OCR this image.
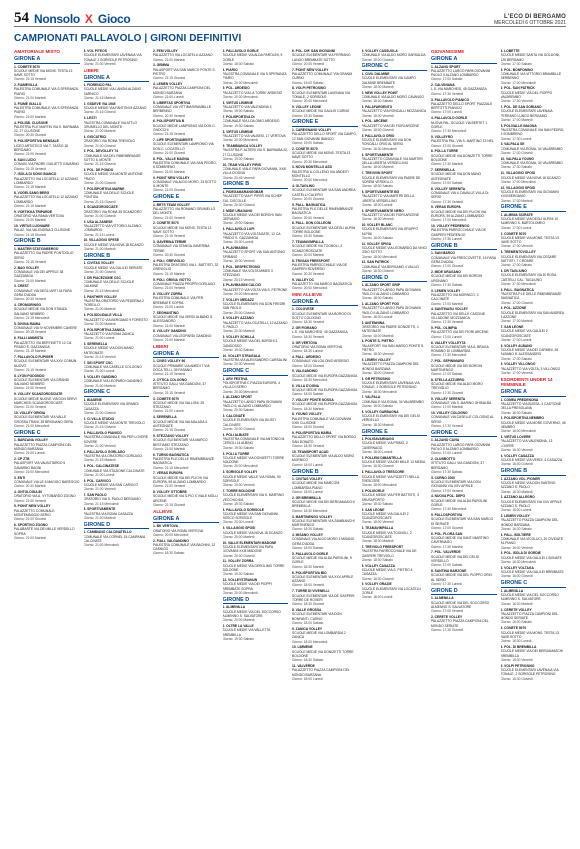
54 Nonsolo X Gioco	L'ECO DI BERGAMO
MERCOLEDÌ 6 OTTOBRE 2021
CAMPIONATI PALLAVOLO | GIRONI DEFINITIVI
AMATORIALE MISTO
GIRONE A
1. COMETE 5070
SCUOLE MEDIE VIA MONS. TESTA 13 NAVE SOTTO
Giorno: 21:15 Venerdì
2. FIAMEVILLA
PALESTRA COMUNALE VIA S.SPERANZA PIARIO
Giorno: 21:00 Martedì
3. FIUME GIALLO
PALESTRA COMUNALE VIA S.SPERANZA PIARIO
Giorno: 21:00 Martedì
4. POLISB. CLUSONE
PALESTRA P.LE MARTIN VIA S. BARNABA 22, 27 CLUSONE
Giorno: 20:30 Giovedì
5. POLISPORTIVA MENSALE
LICEO ARTISTICO VIA T. TASSO 18 BERGAMO
Giorno: 21:00 Venerdì
6. SAN LUCIO
COMUN. VIA PADRE GIULIETTI GAVARNO
Giorno: 21:15 Venerdì
7. ISOLA DI SONO BIANCO
PALAZZETTO VIA LOCATELLI 12 AZZANO LOMBARDO
Giorno: 21:15 Martedì
8. VOGELSANG BERG
PALAZZETTO VIA LOCATELLI 12 AZZANO LOMBARDO
Giorno: 21:15 Martedì
9. VOETIKKA TRIPARDE
ORATORIO VIA RAMA VERTOVA
Giorno: 21:00 Martedì
10. VIRTUS LUONIARE
PALAZ. VIA VALENDINA 3 CLUSONE
Giorno: 21:15 Giovedì
GIRONE B
1. MASTER STATIONEERGO
PALAZZETTO VIA PADRE PONTOGLIO SERIO
Giorno: 21:15 Venerdì
2. BAG VOLLEY
COMUNALE VIA DEI APPELE 38 GAZZANIGA
Giorno: 21:00 Martedì
3. CREST
COMUNALE VIA DEGLI ARTI 18 FARA GERA D'ADDA
Giorno: 20:30 Venerdì
4. CROMORINGO
SCUOLE MEDIE VIA DON STANZA SALVANO NEMBRO
Giorno: 21:15 Mercoledì
5. DIVINA RAMIA
COMUNALE VIA IV NOVEMBRE CAVERE
Giorno: 20:15 Venerdì
6. FALLI ANIMISTA
PALAZZETTO VIA BERTINETTI 12 CA PRADO S. GAZZANIGA
Giorno: 21:15 Martedì
7. PALLAVOLO FUPIGER
SCUOLE ELEMENTARI VIA XXV COMUN NUOVO
Giorno: 21:15 Venerdì
8. LYON PODONDO
SCUOLE ELEMENTARI VIA GRANDI SALVANO NEMBRO
Giorno: 21:00 Venerdì
9. VOLLEY SCANZOROSCIATE
SCUOLE MEDIE NUOVE VIA DON SERVI MARCHESI SCANZOROSCIATE
Giorno: 21:00 Venerdì
10. VOLLEY GRIGIA
SCUOLE ELEMENTARI VIA VALLE GROSSA TRANI, 35 BRIGNANO GERA
Giorno: 21:00 Mercoledì
GIRONE C
1. BARZANA VOLLEY
PALAZZETTO PIAZZA CAMPIONI DEL MONDO BARZANA
Giorno: 21:00 Lunedì
2. CP ZTB
PALASPORT VIA VALBOTARDO 6 GAVARNO BAGNI
Giorno: 21:00 Mercoledì
3. ENTI
COMUNALE VIA LE 6 MAGGIO BAREGGIO
Giorno: 20:30 Martedì
4. ONTOLOGIA 80
ORATORIO VIA A. VYTOBARDO ZOGNO
Giorno: 21:00 Venerdì
5. POINT NEW VOLLEY
PALAZZETTO COMUNALE MONTEMAGGIO SERIO
Giorno: 21:00 Giovedì
6. SPORTIVO ZOGNO
PALABARTE VIA DEI MILLE VERDELLO SOPRA
Giorno: 21:00 Martedì
8. VOL PITEOS
SCUOLE ELEMENTARI LAVENAIA VIA TONALE 2 SORISOLE PETROSINO
Giorno: 21:00 Venerdì
LIBERI
GIRONE A
1. FIORENCO PAL
SCUOLE MEDIE VIA LANGIA ALZANO SARNICO
Giorno: 21:15 Martedì
2. GSDEVE VIA 1945
SCUOLE MEDIE VIA FANTONI 8 AZZANO
Giorno: 21:15 Giovedì
3. LESTI
PALESTRA COMUNALE VIA ATTLO GRUMELLO DEL MONTE
Giorno: 21:00 Martedì
4. GIOCATRICI
ORATORIO VIA ROMA TREVIOLO
Giorno: 21:00 Giovedì
5. POL. DEVOLLEY 74
COMUNALE VIA DEL RIMEMBRANZE SOTTO IL MONTE
Giorno: 21:15 Giovedì
6. POL. DE PONDO
SCUOLE MEDIE VIA MONTE ANTIONE PRATO
Giorno: 21:00 Giovedì
7. POLISPORTIVA MARNE
COMUNALE VIA DELLE SCUOLE PONTIDA
Giorno: 21:15 Giovedì
8. SCANZOROSCIATE
ORATORIO VIA ROMA 35 SCANZORO
Giorno: 21:00 Giovedì
9. USA ALZANESE
PALAZZETTO VIA VITTORIO ALZANO LOMBARDO
Giorno: 21:15 Lunedì
10. VILLAGGIO SPESE
SCUOLE MEDIE VIA NOVA 18 SCANZO
Giorno: 21:00 Martedì
GIRONE B
1. CIVITAS VOLLEY
SCUOLE MEDIE VIA GALILEI SERIATE
Giorno: 21:00 Giovedì
2. DR PIACEZIONE CSC
COMUNALE VIA DELLE SCUOLE DALMINE
Giorno: 21:15 Mercoledì
3. PANTHER VOLLEY
PALESTRA ORATORIO VIA PEDERNA 2 FIORELLO
Giorno: 21:00 Martedì
4. POLISOLIDALE VILLA
PALAZZETTO VIA BERGAMO 9 FORESTO
Giorno: 21:00 Martedì
5. POLISPORTIVA ZANICA
PALAZZETTO VIA ROMA ZANICA
Giorno: 21:00 Lunedì
6. SERENELLA
SCUOLE MEDIE VIA DON MANO ANTEGNATE
Giorno: 21:15 Venerdì
7. SEI SPORT CSC
COMUNALE VIA CASELLE COLOGNO
Giorno: 21:00 Lunedì
8. VOLLEY GANDINO
COMUNALE VIA LEOPARDI GANDINO
Giorno: 21:00 Martedì
GIRONE C
1. BIASENE
SCUOLE ELEMENTARI VIA GRANDI CASAZZA
Giorno: 21:00 Giovedì
2. CI VILLA STUDIO
SCUOLE MEDIE VIA MONTE TREVIOLO
Giorno: 21:15 Giovedì
3. PALLAVOLO PIANICO
PALESTRA COMUNALE VIA PER LOVERE SOVERE
Giorno: 21:00 Venerdì
4. PALLAVOLO GORLAGO
PALESTRA VIA ORATORIO GORLAGO
Giorno: 21:15 Martedì
5. POL. CALCINATESE
COMUNALE VIA STAZIONE CALCINATE
Giorno: 21:00 Lunedì
6. POL. CARVICO
SCUOLE MEDIE VIA SAN CARVICO
Giorno: 21:00 Venerdì
7. SAN PAOLO
ORATORIO VIA S. PAOLO BERGAMO
Giorno: 21:15 Mercoledì
8. SPORTIVAMENTE
PALESTRA VIA ROMA CASAZZA
Giorno: 21:00 Martedì
GIRONE D
1. CAMBIANO CALCINATELLO
COMUNALE VIA CORNEL 15 CAMPANIA CALCINATE
Giorno: 21:00 Mercoledì
2. FEM VOLLEY
PALAZZETTO VIA LOCATELLI AZZANO
Giorno: 21:00 Martedì
3. GEMMA
PALASPORT VIA SAN MARCO PONTE S. PIETRO
Giorno: 21:15 Giovedì
4. LEMEN VOLLEY
PALAZZETTO PIAZZA CAMPIONI DEL MONDO BARZANA
Giorno: 21:00 Lunedì
5. LIBERTAS SPORTIVA
COMUNALE VIA VITTIMA BRAMBILLE BERBENNO
Giorno: 20:30 Venerdì
6. POLISPORTIVA B
SCUOLE MEDIE LAMPIONIO VIA DON C. GNOCCHI
Giorno: 21:15 Venerdì
7. LIFE SPORTIVAMENTE
SCUOLE ELEMENTARI LAMPIONIO VIA DON C. LOCATELLO
Giorno: 21:00 Giovedì
8. POL. VALLE MAGNA
PALESTRA COMUNALE VIA SAN PEDRO, 6 SOMBRENO
Giorno: 21:00 Martedì
9. POINT NEW VOLLEY
COMUNALE VIA ALDO MORO, 23 SOTTO IL MONTE
Giorno: 21:00 Giovedì
GIRONE E
1. BRTS TEAM VOLLEY
PALAZZETTO VIA ROMANO GRUMELLO DEL MONTE
Giorno: 21:00 Venerdì
2. CONETE 5070
SCUOLE MEDIE VIA MONS. TESTA 13 NAVE SOTTO
Giorno: 21:15 Venerdì
3. GAVERINA TERME
COMUNALE VIA STANGA GAVERINA TERME
Giorno: 20:30 Giovedì
4. POLI. GREVIGLIO
PALESTRA ORATORIO VIA L. BATTISTI, 32 GREVIGLIO
Giorno: 21:15 Martedì
5. POLI. GRIGIA VIOTTO
COMUNALE PIAZZA PROPRI GORLAGO
Giorno: 21:00 Venerdì
6. VOLLEY ZORRA
PALESTRA COMUNALE VIA PER BREMBATE SOPRA
Giorno: 21:00 Lunedì
7. SEGHANTINO
SCUOLE MEDIE VIA VERDI ALBANO S. ALESSANDRO
Giorno: 21:00 Martedì
8. VOLLEY GANDINO
COMUNALE VIA LEOPARDI GANDINO
Giorno: 21:00 Martedì
LIBERI
GIRONE A
1. CIVES VOLLEY 96
SCUOLE PRIMARIE VIA AMEDI 7 VIA DOCA TELLI, 39 FASANO
Giorno: 21:15 Venerdì
2. CYTICA COLOGNO
ISTITUTO GALLI VIA GANDONI, 37 BERGAMO
Giorno: 21:15 Venerdì
3. COMETE 5070
SCUOLE MEDIE VIA VALLONI, 25 STEZZANO
Giorno: 21:00 Lunedì
4. SERENELLA
SCUOLE MEDIE VIA VALMALADA 4 ANTEGNATE
Giorno: 21:15 Giovedì
5. STEZZANO VOLLEY
SCUOLE ELEMENTARI VIA MARCO BESTIAMO STEZZANO
Giorno: 21:00 Martedì
6. TURNO BAGNATICA
PALESTRA P.LE DELLE RIMEMBRANZE BAGNATICA
Giorno: 21:15 Mercoledì
7. VERAS EUROPA
SCUOLE MEDIE VIA DEI PLICHI VIA EUROPA, 59 ALZANO LOMBARDO
Giorno: 21:00 Venerdì
8. VOLLEY OTTOBRE
SCUOLE MEDIE VIA S.PIO X VIALE MOLLI ARCENE
Giorno: 21:15 Giovedì
ALLIEVE
GIRONE A
1. BK VERTOVA
ORATORIO VIA ROMA VERTOVA
Giorno: 20:00 Mercoledì
2. FIALL VALGANDINO
PALESTRA COMUNALE VIA BACHINI, 12 CASNIGO
Giorno: 18:30 Sabato
3. PALLAVOLO GORLE
SCUOLE MEDIE VIA ALDA PAROLINI, 9 GORLE
Giorno: 18:30 Sabato
4. PIARIO
PALESTRA COMUNALE VIA S.SPERANZA PIARIO
Giorno: 20:00 Mercoledì
5. POL. ARDESIO
PALAZZETTO VIA LA TORRE ARDESIO
Giorno: 20:00 Mercoledì
6. VIRTUS LEMENE
PALAZZETTO VIA VALENDINA 3
Giorno: 19:00 Sabato
7. POLISPORTIVA DI
COMUNALE VIA LOA ONIO ARDESIO
Giorno: 19:30 Sabato
8. VIRTUS LEMENE
PALAZZETTO VIA VALBESI, 17 VERTOVA
Giorno: 20:00 Mercoledì
9. TEAMBIANCA VOLLEY
PALESTRA P. ALTIERI VIA S. BARNABA 22, 27 CLUSONE
Giorno: 19:00 Sabato
10. TEAM VOLLEY PIRIS
COMUNALE VIALE PAPA GIOVANNI, XXIII VILLA D'OGNA
Giorno: 20:45 Venerdì
GIRONE B
1. FIDEGAMARANGOBAR
PALAZZETTO VIA P. PIPER VIA SCHEP EUL CISCOLLE
Giorno: 20:30 Giovedì
2. MIDE URAGANO
SCUOLE MEDIE VIA DEI BORGHI SAN GERVASIO
Giorno: 19:00 Sabato
3. PALLAVOLO LUPI
PALAZZETTO VIA VOLTAGATE, 12 CA PRADO S. GAZZANIGA
Giorno: 20:30 Lunedì
4. PLAVIMAGINI
PALAZZETTO SPORT VIA SAN ANTONIO SPIRANO
Giorno: 19:00 Venerdì
5. POL. DESPECTEONO
COMUNALE VIA VOLTA MIMES 3 STEZZANO
Giorno: 20:15 Venerdì
6. PLAVIMAGINI CALCIO
PALAZZETTO VIA VOLTA VIA S. PETRONE
Giorno: 20:00 Mercoledì
7. VOLLEY MEDAZZ
SCUOLE ELEMENTARI VIA DON FREDRI SAN PAOLO
Giorno: 20:00 Giovedì
8. VOLLEY AZZANO
PALAZZETTO VIA LOCATELLI, 12 AZZANO S. PAOLO
Giorno: 20:30 Martedì
9. VOLLEY SCHILLA
SCUOLE MEDIE VIA DEL BORGHI 3 GANDOSSO
Giorno: 19:30 Sabato
10. VOLLEY STRAGALA
PALESTRA VIA ALESSANDRO CARSALINI
Giorno: 20:30 Venerdì
GIRONE C
1. ARV FESTIVA
POLISPORTIVA C PIAZZA EUROPA, 4 VILLA DI SERIO
Giorno: 20:30 Mercoledì
2. ALZANO SPORT
PALAZZETTO LARGO PAPA GIOVANNI PAOLO II, ALZANO LOMBARDO
Giorno: 20:30 Sabato
3. CALCINATE
SCUOLE ELEMENTARI VIA GIUSTI CALCINATE
Giorno: 20:00 Giovedì
4. POLI ALBIATE
PALESTRA COMUNALE VIA ANTONIO M. CERIOLI 14 ALBINO
Giorno: 19:30 Sabato
5. POLI A TORRE
SCUOLE MEDIE VIA DONIZETTI TORRE BOLDONE
Giorno: 20:00 Mercoledì
6. SORISOLE VOLLEY
SCUOLE MEDIE VALLE VIA ROMA, 50 SORISOLE
Giorno: 20:00 Venerdì
7. TORRE BOLDONE
SCUOLE ELEMENTARI VIA S. MARTINO VECCHIO 6/A
Giorno: 19:30 Sabato
8. PALLAVOLO SORISOLE
SCUOLE MEDIE VIA SAN GIOVANNI BOSCO SORISOLE
Giorno: 20:30 Lunedì
9. VILLAGGIO SPOSI
SCUOLE MEDIE VIA NOVA 18 SCANZO
Giorno: 20:00 Martedì
10. VALLE ELEMENTARI MADONE
SCUOLE ELEMENTARI VIA PAPA GIOVANNI XXIII MADONE
Giorno: 20:00 Giovedì
11. VOLLEY ZORRA
SCUOLE MEDIE VIA GEROLIMO TORRE BOLDONE
Giorno: 19:30 Sabato
12. VOLLEYSTRANUN
SCUOLE MEDIE VIA DEI PIOPPI BREMBATE SOPRA
Giorno: 20:00 Mercoledì
GIRONE D
1. ALMENILLA
SCUOLE MEDIE VIA DEL SOCCORSO ALMENNO S. SALVATORE
Giorno: 20:00 Martedì
2. OLTRE LA VALLE
SCUOLE MEDIE VIA VALLETTA BREMBILLA
Giorno: 19:30 Sabato
6. POL. DIF. SAN GIOVANNI
SCUOLE ELEMENTARI VIA FERRANO LUNGO BREMBATE SOTTO
Giorno: 20:00 Venerdì
7. POINT NEW VOLLEY
PALAZZETTO COMUNALE VIA GRANDI CURNO
Giorno: 19:00 Sabato
8. VOLPI PETROSINO
SCUOLE ELEMENTARI LAVENAIA VIA TONALE, 2 SORISOLE
Giorno: 20:00 Mercoledì
9. VOLLEY LEONE
SCUOLE MEDIE VIA GALILEI CURNO
Giorno: 19:30 Sabato
GIRONE E
1. CAREGNANO VOLLEY
PALAZZETTO DELLO SPORT VIA CAMPO, 12 SAN GIOVANNI BIANCO
Giorno: 19:00 Sabato
2. CONETE 5070
SCUOLE MEDIE VIA MONS. TESTA 13 NAVE SOTTO
Giorno: 20:30 Mercoledì
3. NOVA MONTELLO ASD
PALESTRA IL COLLENO VIA ANDEITI MONTELLO
Giorno: 20:00 Mercoledì
4. OLTAGLINO
SCUOLE ELEMENTARI VIA SAN ANDREA CASTELLI CALEPIO
Giorno: 20:00 Giovedì
5. PALL. BAGNATICA
PALESTRA P.LE DELLE RIMEMBRANZE BAGNATICA
Giorno: 20:00 Venerdì
6. PALL. DON COLLEONI
SCUOLE ELEMENTARI VIA DEGLI ALPINI TORRE BOLDONE
Giorno: 19:30 Sabato
7. TEAMAVIMPALLA
SCUOLE MEDIE VIA TOGNOLI, 2 SCANZOROSCIATE
Giorno: 20:00 Martedì
8. TRIVIAN FREESPORT
PALESTRA PARROCCHIALE VIA DE GASPERI ROVERSIO
Giorno: 20:30 Venerdì
9. VALLEY DC
PALAZZETTO VIA MARCO BAGNATICA
Giorno: 20:00 Mercoledì
MINI ALLIEVE
GIRONE A
1. COLOVESE
SCUOLE ELEMENTARI VIA BORGO DI SOTTO COLOGNO
Giorno: 18:30 Venerdì
2. GR FIORANO
L.S. VIA MARCHESI, 45 GAZZANIGA
Giorno: 18:30 Venerdì
3. GR VERTOVA
ORATORIO VIA ROMA VERTOVA
Giorno: 18:30 Lunedì
4. PALL. ARDESIO
COMUNALE VIA LOA ONIO ARDESIO
Giorno: 18:00 Giovedì
5. VALGANDINO
SCUOLE MEDIE VIA EUROPA GAZZANIGA
Giorno: 18:30 Mercoledì
6. VILLA D'OGNA
SCUOLE MEDIE VIA EUROPA GAZZANIGA
Giorno: 18:00 Sabato
7. VOLLEY PONTE NOSSA
SCUOLE MEDIE VIA EUROPA GAZZANIGA
Giorno: 18:30 Martedì
8. YOUNG VOLLEY
PALESTRA COMUNALE VIA GIOVANNI XXIII CLUSONE
Giorno: 18:00 Giovedì
9. POLISPORTIVA MARIA
PALAZZETTO DELLO SPORT VIA BORGO SAN DONATO
Giorno: 18:30 Venerdì
10. TEAMSPORT ACAD
SCUOLE ELEMENTARI VIA ALDO MORO MORNICO
Giorno: 18:00 Lunedì
GIRONE B
1. CIVITAS VOLLEY
SCUOLE MEDIE VIA MARCONI LOMBARDIA PIANO
Giorno: 18:00 Lunedì
2. GR BREMBILLA
SCUOLE MEDIE VIA DEI BERGAMASCHI BREMBILLA
Giorno: 18:30 Mercoledì
3. MARTINENGO VOLLEY
SCUOLE ELEMENTARI VIA ZAMBIANCHI MARTINENGO
Giorno: 18:30 Sabato
4. MISANO VOLLEY
COMUNALE VIA ALDO MORO 1 MISANO GERA D'ADDA
Giorno: 18:00 Sabato
5. PALLAVOLO GORLE
SCUOLE MEDIE VIA ALDA PAROLINI, 9 GORLE
Giorno: 18:30 Martedì
6. POLISPORTIVA BIO
SCUOLE ELEMENTARI VIA XXV APRILE AZZANO
Giorno: 18:00 Venerdì
7. TORRE DI VIVENELLI
SCUOLE ELEMENTARI VIA DE GASPERI TORRE DE ROVERI
Giorno: 18:30 Giovedì
8. VALLE GROSSA
SCUOLE ELEMENTARI VIA DON BONFANTI, CURNO
Giorno: 18:00 Sabato
9. ZANICA VOLLEY
SCUOLE MEDIE VIA LOMBARDIA 2 ZANICA
Giorno: 18:00 Mercoledì
10. LIMMENE
SCUOLE MEDIE VIA DONIZETTI TORRE BOLDONE
Giorno: 18:30 Sabato
11. VALVERDE
PALAZZETTO PIAZZA CAMPIONI DEL MONDO BARZANA
Giorno: 18:00 Lunedì
9. VOLLEY CASSUOLA
COMUNALE VIA ALDO MORO SARSALDA
Giorno: 18:00 Giovedì
GIRONE C
1. CIVIL DALMINE
SCUOLE ELEMENTARI VIA CAMPO DALMINE BREMBATE
Giorno: 18:30 Martedì
2. NEW VOLLEY POINT
COMUNALE VIA ALDO MORO CAVANGO
Giorno: 18:00 Sabato
3. PALAFARGENTO
PALAZZETTO VIA RONCALLI MOZZANICA
Giorno: 18:00 Venerdì
4. POL. ARCENE
PALAZZETTO VIA DEI FIORI ARCENE
Giorno: 18:00 Giovedì
5. PALLAVOLO ORIO
SCUOLE ELEMENTARI VIA DON RONCALLI ORIO AL SERIO
Giorno: 18:30 Mercoledì
6. SPORTIVAMENTE
PALAZZETTO COMUNALE VIA MARTIRI DELLA LIBERTÀ VERDELLINO
Giorno: 18:00 Martedì
7. TREVIVIN SPORT
SCUOLE ELEMENTARI VIA PADRE DE NORENI VERDELLO
Giorno: 18:30 Sabato
8. SPORTIVAMENTE BG
PALAZZETTO VIA MARTIRI DELLA LIBERTÀ VERDELLINO
Giorno: 18:00 Lunedì
9. SPORTIVAMENTE NERO
PALAZZETTO VIA DEI FIORI ARCENE
Giorno: 18:30 Venerdì
10. VOLLEY BLANC
SCUOLE ELEMENTARI VIA GRUPPO ALPINI
Giorno: 18:00 Sabato
11. VOLLEY SPIGA
SCUOLE MEDIE VIA LEONARDO DA VINCI OSIO SOTTO
Giorno: 18:00 Mercoledì
12. SAN PATRICK
COMUNALE VIA BERGAMO 4 VALLIO
Giorno: 18:30 Giovedì
GIRONE D
1. ALZANO SPORT GRIP
PALAZZETTO LARGO PAPA GIOVANNI PAOLO II ALZANO LOMBARDO
Giorno: 18:00 Sabato
2. ALZANO SPORT FOG
PALAZZETTO LARGO PAPA GIOVANNI PAOLO II ALZANO LOMBARDO
Giorno: 18:30 Lunedì
3. ANTENNINA
ORATORIO VIA PADRE DONIZETTI, 1 ANTEGNATE
Giorno: 18:00 Martedì
4. PONTE S. PIETRO
PALASPORT VIA SAN MARCO PONTE S. PIETRO
Giorno: 18:30 Venerdì
5. LEMEN VOLLEY
PALAZZETTO PIAZZA CAMPIONI DEL MONDO BARZANA
Giorno: 18:00 Giovedì
6. GR PETROSINO
SCUOLE ELEMENTARI LAVENAIA VIA TONALE, 2 SORISOLE PETROSINO
Giorno: 18:30 Mercoledì
7. VALPALA
COMUNALE VIA ROMA, 34 VALBREMBO
Giorno: 18:00 Sabato
8. VOLLEY GARBAGNA
SCUOLE ELEMENTARI VIA DEI GELSI VERDELLO
Giorno: 18:30 Martedì
GIRONE E
1. POLIGAVARNAGO
SCUOLE MEDIE VIA PRIMO, 2 CAVERNAGO
Giorno: 18:00 Lunedì
2. POLLENI DIMANTELLA
SCUOLE MEDIE VIA DEI MILLE 13 MEDIA
Giorno: 18:30 Giovedì
3. PALLAVOLO TRESCORE
SCUOLE MEDIE VIA PIZZETTI NELLA TRESCORE
Giorno: 18:00 Mercoledì
4. POLIGORLE
SCUOLE MEDIE VIA PER BATTISTI, 3 BRUSAPORTO
Giorno: 18:30 Sabato
5. SAN LEONE
SCUOLE MEDIE VIA GALILEI 2 SCANZOROSCIATE
Giorno: 18:00 Venerdì
6. TEAMAVIMPALLA
SCUOLE MEDIE VIA TOGNOLI, 2 SCANZOROSCIATE
Giorno: 18:30 Martedì
7. TREVIOLO FREESPORT
PALESTRA PARROCCHIALE VIA DE GASPERI TREVIOLO
Giorno: 18:00 Sabato
8. VOLLEY CASAZZA
SCUOLE MEDIE VIA S. PIETRO 4 CASAZZA
Giorno: 18:30 Giovedì
9. VOLLEY GRAZIE
SCUOLE ELEMENTARI VIA LOCATELLI GORLE
Giorno: 18:00 Lunedì
GIOVANISSIME
GIRONE A
1. ALZANO SPORT
PALAZZETTO LARGO PAPA GIOVANNI PAOLO II ALZANO LOMBARDO
Giorno: 17:00 Sabato
2. CALVINIANA
L.S. VIA MARCHESI, 45 GAZZANIGA
Giorno: 17:30 Venerdì
3. PALLAVOLO PIANICO
PALAZZETTO DELLO SPORT PIAZZALE BERTOTTI PIANICO
Giorno: 17:00 Lunedì
4. PALLAVOLO GORLE
NUOVA PAL. SCUOLE VIA BERTET 1 GORLE
Giorno: 17:30 Mercoledì
5. VOLLEYRO
PALESTRA PAL. VIA S. MARTINO 13 NEL
Giorno: 17:00 Giovedì
6. POLLA TORRE
SCUOLE MEDIE VIA DONIZETTI TORRE BOLDONE
Giorno: 17:30 Martedì
7. SERENELLA
SCUOLE MEDIE VIA DON MANO ANTEGNATE
Giorno: 17:00 Sabato
8. VOLLEY SERENITA
COMUNALE VIA IL DAVALLE VILLA DI SERIO
Giorno: 17:30 Venerdì
9. VERAS EUROPA
SCUOLE MEDIE VIA DEI PLICHI VIA EUROPA, 59 ALZANO LOMBARDO
Giorno: 17:00 Mercoledì
10. VOLLEY PEDRENGO
PALESTRA PARROCCHIALE VIA DE GASPERI PEDRENGO
Giorno: 17:30 Lunedì
GIRONE B
1. SAN MARCO
COMUNALE VIA FRESCOVETTE, 19 FARA GERA D'ADDA
Giorno: 17:00 Giovedì
2. MIDE URAGANO
SCUOLE MEDIE VIA DEI BORGHI URGNANO
Giorno: 17:30 Sabato
3. LEMEN VOLLEY
PALAZZETTO VIA MORNICO, 3 CALCINATE
Giorno: 17:00 Martedì
4. SANTINASU VOLLEY
PALAZZETTO VIA DELLE CASCINE VILLADONE MOZZANICA
Giorno: 17:30 Venerdì
5. POL. OLIMPIA
PALAZZETTO VIA DEI FIORI ARCENE
Giorno: 17:00 Lunedì
6. VALLEY VOLLEYTA
SCUOLE ELEMENTARI VIA A. BRAGA ROMANO DI LOMBARDIA
Giorno: 17:30 Mercoledì
7. POL. SEPINIMARO
SCUOLE MEDIE VIA DEI BORGHI MARTINENGO
Giorno: 17:00 Sabato
8. STELLA AZZURRO
SCUOLE MEDIE VIA ALDO MORO TREVIGLIO
Giorno: 17:30 Giovedì
9. VOLLEY SERENITA
COMUNALE VIA S. MARINO GHISALBA
Giorno: 17:00 Martedì
10. VOLLEY COLOGNO
COMUNALE VIA CASELLE COLOGNO AL SERIO
Giorno: 17:30 Venerdì
GIRONE C
1. ALZANO CAVIA
PALAZZETTO LARGO PAPA GIOVANNI PAOLO II ALZANO LOMBARDO
Giorno: 17:00 Lunedì
2. CLUBBOTTO
ISTITUTO GALLI VIA GANDONI, 37 BERGAMO
Giorno: 17:30 Sabato
3. CURNO 2000
SCUOLE ELEMENTARI VIA DON GIOVANNI VIA XXV APRILE
Giorno: 17:00 Venerdì
4. NUOVA POL. DEPO
SCUOLE MEDIE VIA ALDA PAROLINI GORLE
Giorno: 17:30 Mercoledì
5. PALLOSPORTIVA
SCUOLE ELEMENTARI VIA SAN MARCO DI SERIATE
Giorno: 17:00 Giovedì
6. POL. FLORA SAN
SCUOLE MEDIE VIA SANTI MARTINO CAVERNAGO
Giorno: 17:30 Martedì
7. POL. VALVERDE
SCUOLE MEDIE VIA DEI GELSI VERDELLO
Giorno: 17:00 Sabato
8. SANTINA BARZONE
SCUOLE MEDIE VIA DEL PIOPPO ORIO AL SERIO
Giorno: 17:30 Lunedì
GIRONE D
1. ALMENILLA
SCUOLE MEDIE VIA DEL SOCCORSO ALMENNO S. SALVATORE
Giorno: 17:00 Venerdì
2. CERETE VOLLEY
PALAZZETTO PIAZZA CAMPIONI DEL MONDO SERIATE
Giorno: 17:30 Giovedì
4. LOBETTE
SCUOLE MEDIE SANTA VIA GOLDONI, 125 BERGAMO
Giorno: 17:30 Sabato
5. POL. BONFONINO
COMUNALE VIA VITTORIO BRAMBILLE BERBENNO
Giorno: 17:00 Mercoledì
6. POL. SAN PATRICK
SCUOLE MEDIE VIA DEL PIOPPO VALBREMBO
Giorno: 17:30 Venerdì
7. POL. DE SAN SORIANO
SCUOLE ELEMENTARI LAVENAIA FERRANO LUNGO BERGAMO
Giorno: 17:00 Martedì
8. POLIVALLE IMAGNA
PALESTRA COMUNALE VIA SAN PEDRO, 6 SOMBRENO
Giorno: 17:30 Lunedì
9. VALPALA SE
COMUNALE VIA ROMA, 34 VALBREMBO
Giorno: 17:00 Giovedì
10. VALPALA YOUNG
COMUNALE VIA ROMA, 34 VALBREMBO
Giorno: 17:30 Sabato
11. VILLAGGIO SPOSI
SCUOLE MEDIE VIA NOVA 18 SCANZO
Giorno: 17:00 Mercoledì
12. VILLAGGIO SPOSI
SCUOLE ELEMENTARI VIA GIOVANNI XXIII BERGAMO
Giorno: 17:30 Martedì
GIRONE E
1. ALMINIA SCIRATE
SCUOLE MEDIE VIA DEGLI ALPINI 10 ALMENNO S. BARTOLOMEO
Giorno: 17:00 Lunedì
2. CONETE 5070
SCUOLE MEDIE VIA MONS. TESTA 13 NAVE SOTTO
Giorno: 17:30 Venerdì
3. TREMENTOVOLLEY
SCUOLE ELEMENTARI VIA CESARE BATTISTI, 7 CROARE
Giorno: 17:00 Sabato
4. DR TAGLIUNO
SCUOLE ELEMENTARI VIA DI ROSA CASTELLI CAL. TAGLIUNO
Giorno: 17:30 Mercoledì
5. PALL. BAGNATICA
PALESTRA P.LE DELLE RIMEMBRANZE BAGNATICA
Giorno: 17:00 Giovedì
6. POL. AZZONE
SCUOLE ELEMENTARI VIA SAN ANDREA 3 AZZONE
Giorno: 17:30 Martedì
7. SAN LEONE
SCUOLE MEDIE VIA GALILEI 2 SCANZOROSCIATE
Giorno: 17:00 Lunedì
8. VOLLEY ALBANO
SCUOLE MEDIE VIA DEI CARMINI, 26 ALBANO S. ALESSANDRO
Giorno: 17:30 Sabato
9. VOLLEY VILLONGO
PALAZZETTO VIA VOLTA, 3 VILLONGO
Giorno: 17:00 Venerdì
ESORDIENTI UNDER 14 FEMMINILE
GIRONE A
1. COMEA PREDENONA
PALAZZETTO VIA BUSSA, 4 CASTIONE DELLA PRESOLANA
Giorno: 16:30 Sabato
2. POLISPORTIVA NEMBRO
SCUOLE MEDIE VIA MORE GOVERNO, 45 NEMBRO
Giorno: 16:00 Mercoledì
3. VIRTUS LOVERE
PALAZZETTO VIA VALENDINA, 13 LOVERE
Giorno: 16:30 Venerdì
4. VOLLEY CASAZZA
SCUOLE MEDIE VIA VERDI, 4 CASAZZA
Giorno: 16:00 Giovedì
GIRONE B
1. AZZANO VOL. PIONER
SCUOLE MEDIE VIA DON SANTINO AZZANO S. PAOLO
Giorno: 16:30 Martedì
2. AZZANO ALLEGRO
SCUOLE ELEMENTARI VIA XXV APRILE AZZANO S. PAOLO
Giorno: 16:00 Lunedì
3. LEMEN VOLLEY
PALAZZETTO PIAZZA CAMPIONI DEL MONDO BARZANA
Giorno: 16:30 Sabato
4. PALL. BOLTIERE
COMUNALE VIA VICOLUCI, 20 CIVIDATE AL PIANO
Giorno: 16:00 Venerdì
5. POL. ISOLA DI GORDIE
SCUOLE MEDIE VIA GALILEI 1 BONATE
Giorno: 16:30 Mercoledì
6. VOLLEY VOLTAGA
SCUOLE MEDIE VIA GALILEI BREMBATE
Giorno: 16:00 Giovedì
GIRONE C
1. ALMENILLA
SCUOLE MEDIE VIA DEL SOCCORSO ALMENNO S. SALVATORE
Giorno: 16:30 Martedì
2. CERETE VOLLEY
PALAZZETTO PIAZZA CAMPIONI DEL MONDO SERIATE
Giorno: 16:00 Sabato
3. CONETE 5070
SCUOLE MEDIE VIA MONS. TESTA 13 NAVE SOTTO
Giorno: 16:30 Lunedì
4. POL. DI BREMBILLA
SCUOLE MEDIE VIA DEI BERGAMASCHI BREMBILLA
Giorno: 16:00 Venerdì
5. VOLPI PETROSINO
SCUOLE ELEMENTARI LAVENAIA VIA TONALE, 2 SORISOLE PETROSINO
Giorno: 16:30 Giovedì
